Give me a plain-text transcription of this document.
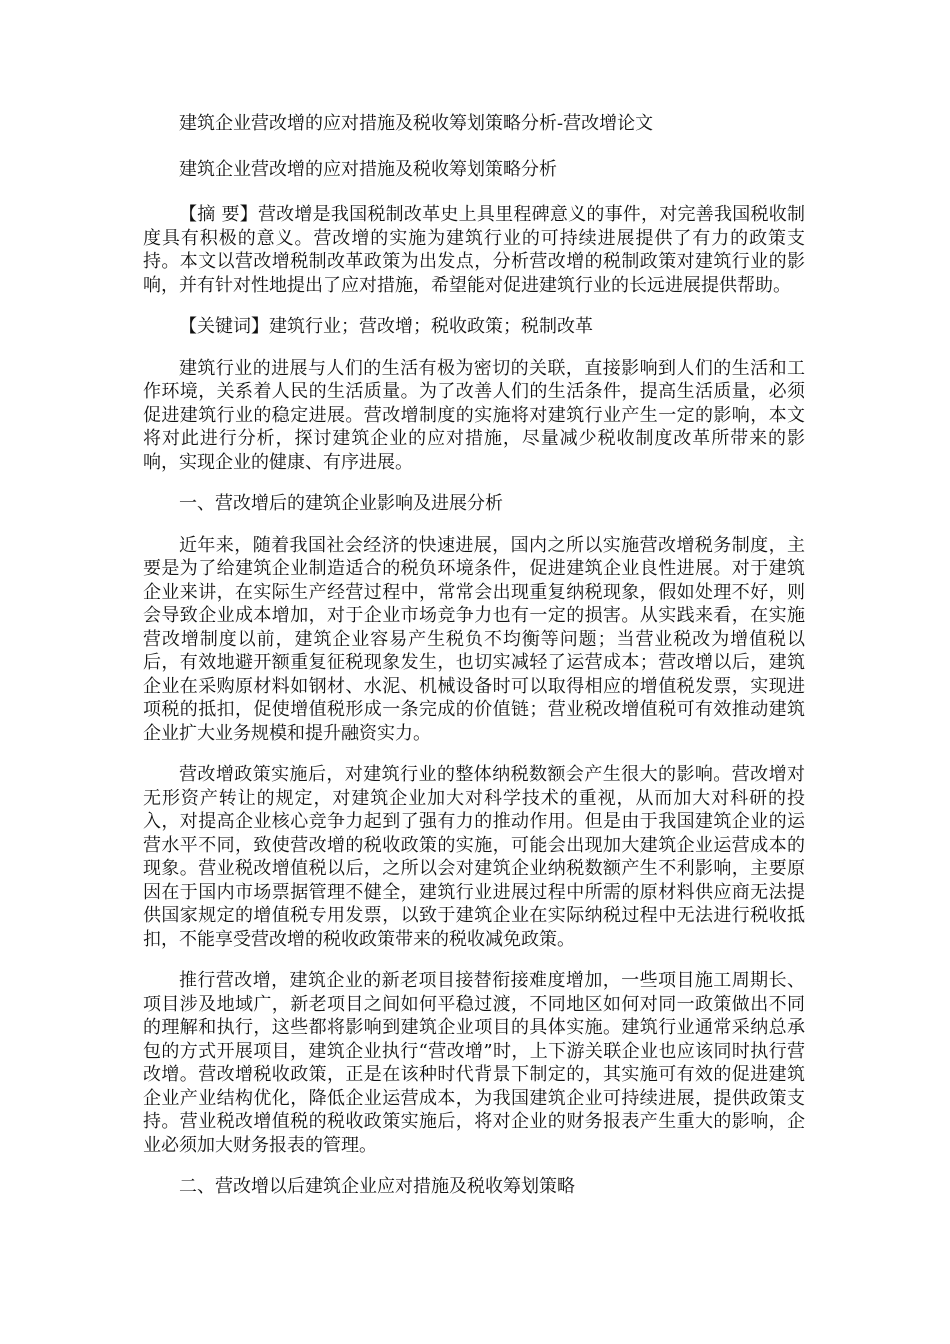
建筑企业营改增的应对措施及税收筹划策略分析-营改增论文

建筑企业营改增的应对措施及税收筹划策略分析

【摘 要】营改增是我国税制改革史上具里程碑意义的事件，对完善我国税收制度具有积极的意义。营改增的实施为建筑行业的可持续进展提供了有力的政策支持。本文以营改增税制改革政策为出发点，分析营改增的税制政策对建筑行业的影响，并有针对性地提出了应对措施，希望能对促进建筑行业的长远进展提供帮助。

【关键词】建筑行业；营改增；税收政策；税制改革

建筑行业的进展与人们的生活有极为密切的关联，直接影响到人们的生活和工作环境，关系着人民的生活质量。为了改善人们的生活条件，提高生活质量，必须促进建筑行业的稳定进展。营改增制度的实施将对建筑行业产生一定的影响，本文将对此进行分析，探讨建筑企业的应对措施，尽量减少税收制度改革所带来的影响，实现企业的健康、有序进展。

一、营改增后的建筑企业影响及进展分析

近年来，随着我国社会经济的快速进展，国内之所以实施营改增税务制度，主要是为了给建筑企业制造适合的税负环境条件，促进建筑企业良性进展。对于建筑企业来讲，在实际生产经营过程中，常常会出现重复纳税现象，假如处理不好，则会导致企业成本增加，对于企业市场竞争力也有一定的损害。从实践来看，在实施营改增制度以前，建筑企业容易产生税负不均衡等问题；当营业税改为增值税以后，有效地避开额重复征税现象发生，也切实减轻了运营成本；营改增以后，建筑企业在采购原材料如钢材、水泥、机械设备时可以取得相应的增值税发票，实现进项税的抵扣，促使增值税形成一条完成的价值链；营业税改增值税可有效推动建筑企业扩大业务规模和提升融资实力。

营改增政策实施后，对建筑行业的整体纳税数额会产生很大的影响。营改增对无形资产转让的规定，对建筑企业加大对科学技术的重视，从而加大对科研的投入，对提高企业核心竞争力起到了强有力的推动作用。但是由于我国建筑企业的运营水平不同，致使营改增的税收政策的实施，可能会出现加大建筑企业运营成本的现象。营业税改增值税以后，之所以会对建筑企业纳税数额产生不利影响，主要原因在于国内市场票据管理不健全，建筑行业进展过程中所需的原材料供应商无法提供国家规定的增值税专用发票，以致于建筑企业在实际纳税过程中无法进行税收抵扣，不能享受营改增的税收政策带来的税收减免政策。

推行营改增，建筑企业的新老项目接替衔接难度增加，一些项目施工周期长、项目涉及地域广，新老项目之间如何平稳过渡，不同地区如何对同一政策做出不同的理解和执行，这些都将影响到建筑企业项目的具体实施。建筑行业通常采纳总承包的方式开展项目，建筑企业执行“营改增”时，上下游关联企业也应该同时执行营改增。营改增税收政策，正是在该种时代背景下制定的，其实施可有效的促进建筑企业产业结构优化，降低企业运营成本，为我国建筑企业可持续进展，提供政策支持。营业税改增值税的税收政策实施后，将对企业的财务报表产生重大的影响，企业必须加大财务报表的管理。

二、营改增以后建筑企业应对措施及税收筹划策略
